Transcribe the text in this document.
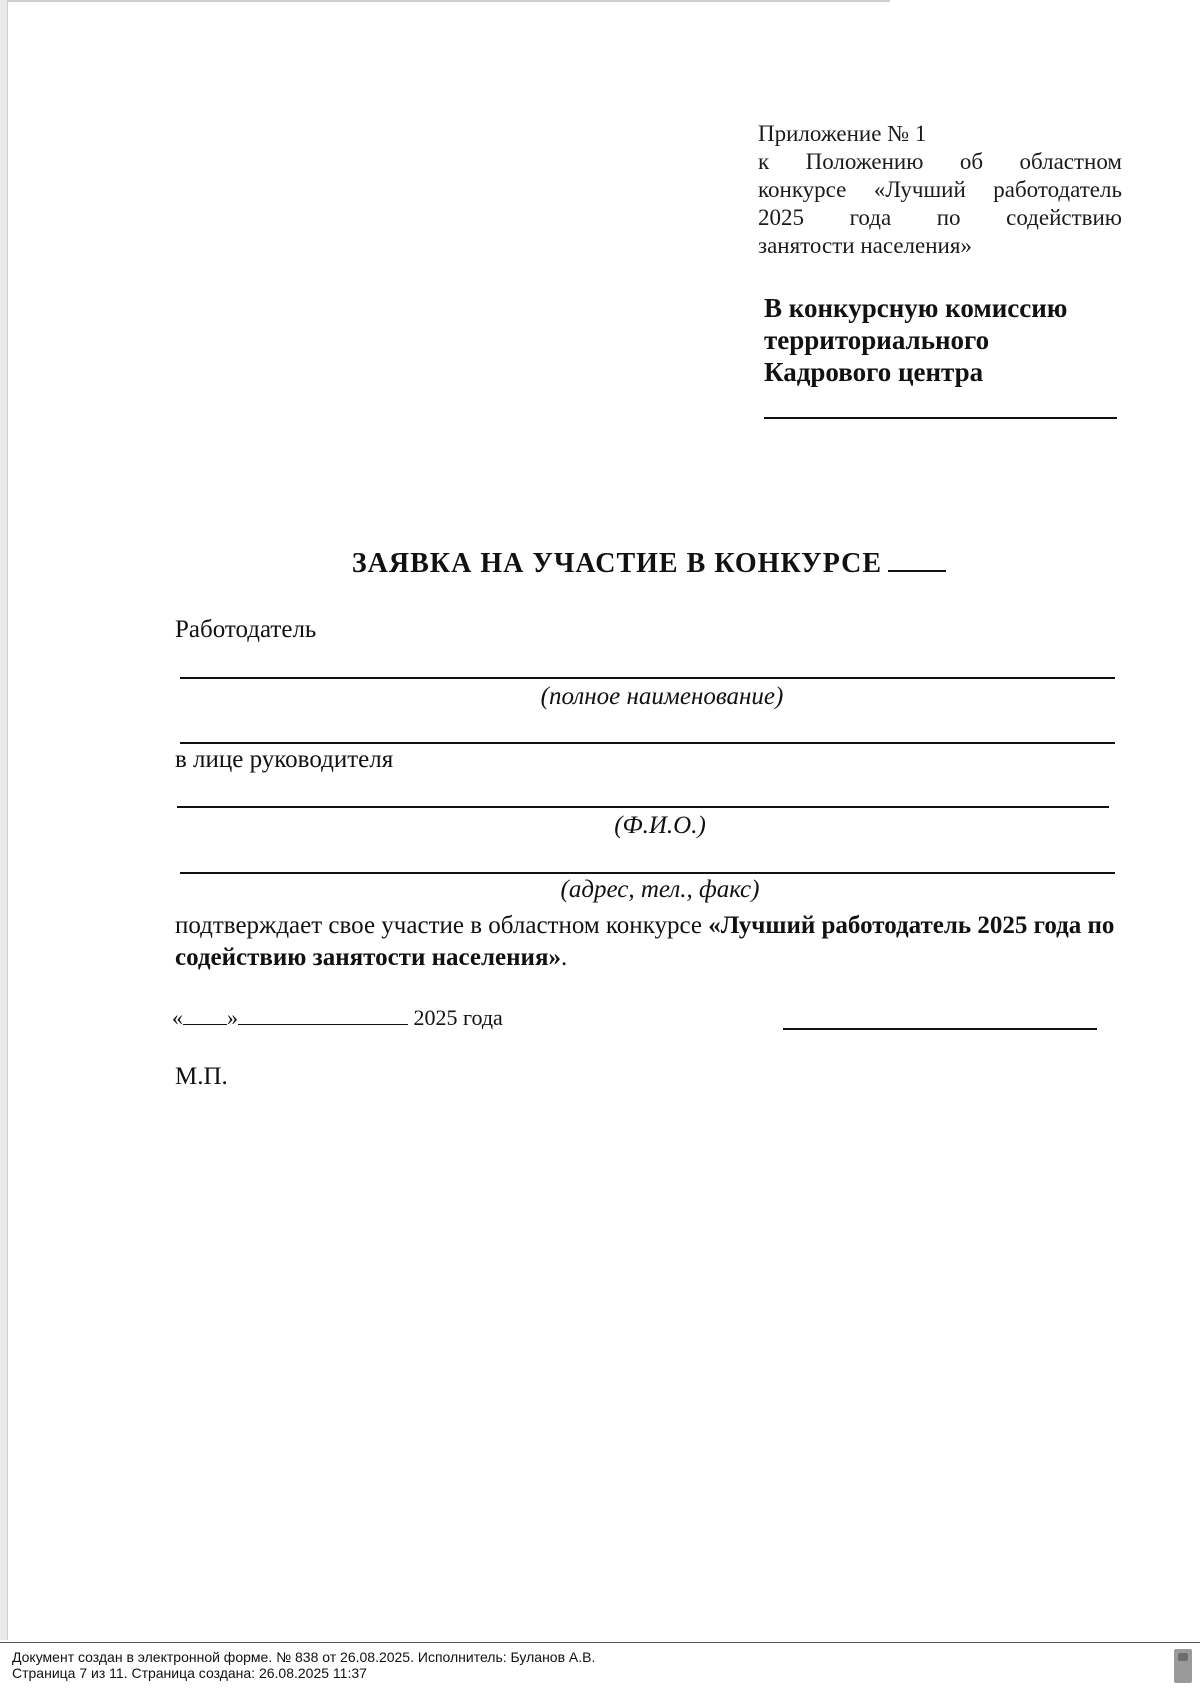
Приложение № 1
к Положению об областном
конкурсе «Лучший работодатель
2025 года по содействию
занятости населения»
В конкурсную комиссию
территориального
Кадрового центра
ЗАЯВКА НА УЧАСТИЕ В КОНКУРСЕ
Работодатель
(полное наименование)
в лице руководителя
(Ф.И.О.)
(адрес, тел., факс)
подтверждает свое участие в областном конкурсе «Лучший работодатель 2025 года по содействию занятости населения».
« »	2025 года
М.П.
Документ создан в электронной форме. № 838 от 26.08.2025. Исполнитель: Буланов А.В.
Страница 7 из 11. Страница создана: 26.08.2025 11:37
